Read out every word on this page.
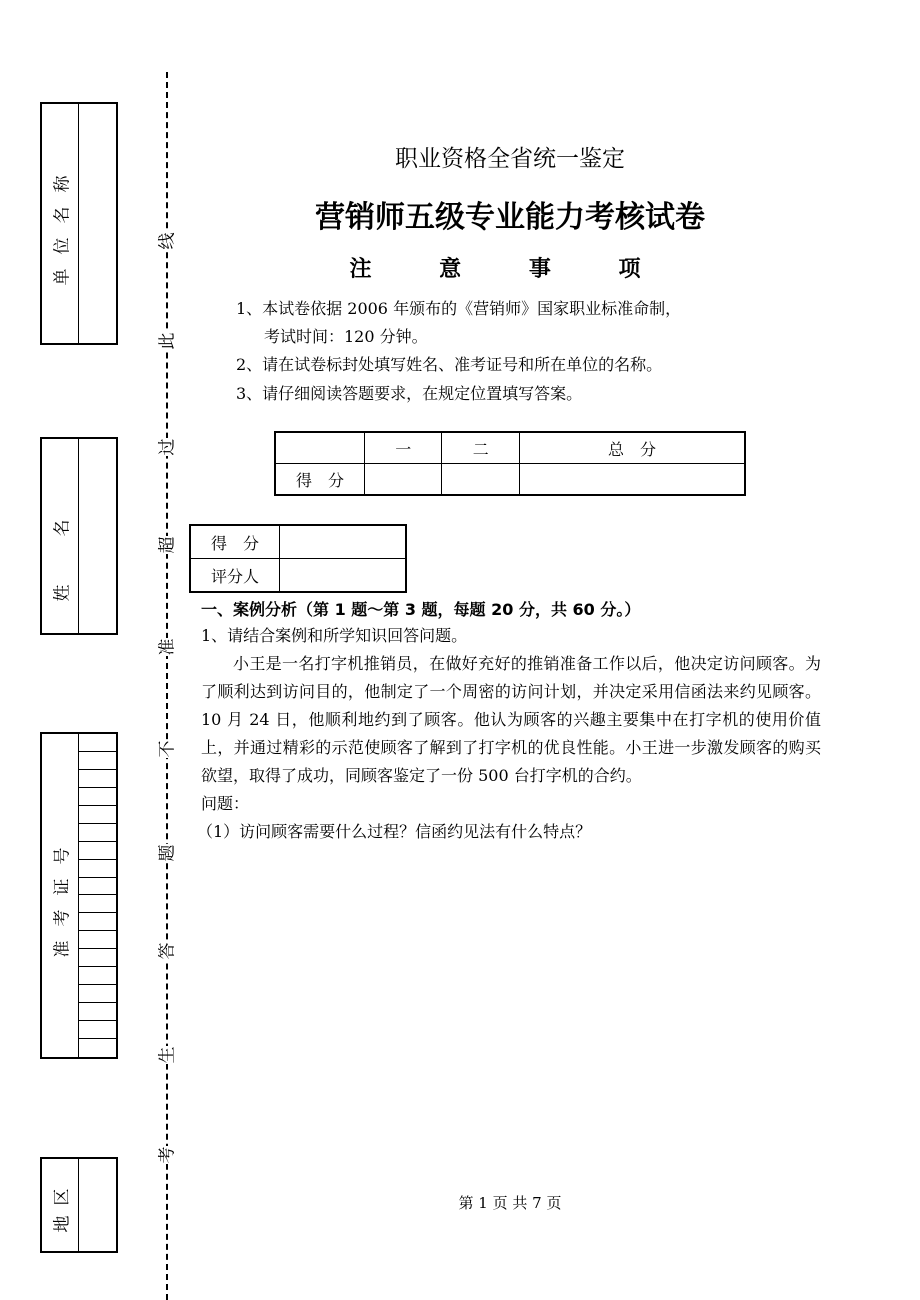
单位名称
姓名
准考证号
地区
线
此
过
超
准
不
题
答
生
考
职业资格全省统一鉴定
营销师五级专业能力考核试卷
注 意 事 项
1、本试卷依据 2006 年颁布的《营销师》国家职业标准命制，
考试时间：120 分钟。
2、请在试卷标封处填写姓名、准考证号和所在单位的名称。
3、请仔细阅读答题要求，在规定位置填写答案。
	一	二	总　分
得　分			
得　分	
评分人	
一、案例分析（第 1 题～第 3 题，每题 20 分，共 60 分。）
1、请结合案例和所学知识回答问题。

小王是一名打字机推销员，在做好充好的推销准备工作以后，他决定访问顾客。为了顺利达到访问目的，他制定了一个周密的访问计划，并决定采用信函法来约见顾客。10 月 24 日，他顺利地约到了顾客。他认为顾客的兴趣主要集中在打字机的使用价值上，并通过精彩的示范使顾客了解到了打字机的优良性能。小王进一步激发顾客的购买欲望，取得了成功，同顾客鉴定了一份 500 台打字机的合约。

问题：
（1）访问顾客需要什么过程？信函约见法有什么特点？
第 1 页 共 7 页
